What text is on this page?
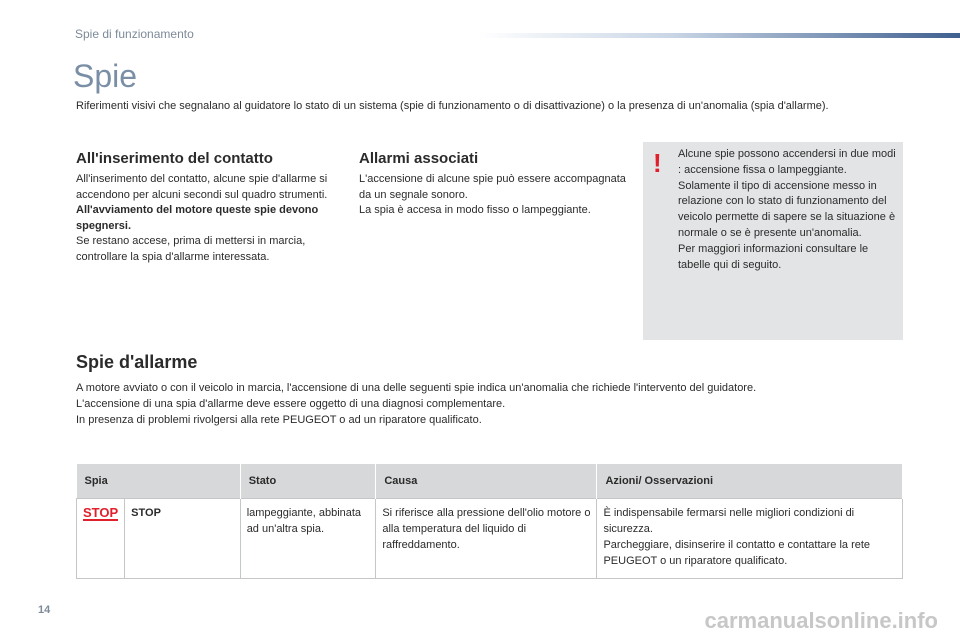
Spie di funzionamento
Spie

Riferimenti visivi che segnalano al guidatore lo stato di un sistema (spie di funzionamento o di disattivazione) o la presenza di un'anomalia (spia d'allarme).

All'inserimento del contatto
All'inserimento del contatto, alcune spie d'allarme si accendono per alcuni secondi sul quadro strumenti.
All'avviamento del motore queste spie devono spegnersi.
Se restano accese, prima di mettersi in marcia, controllare la spia d'allarme interessata.
Allarmi associati
L'accensione di alcune spie può essere accompagnata da un segnale sonoro.
La spia è accesa in modo fisso o lampeggiante.
! Alcune spie possono accendersi in due modi : accensione fissa o lampeggiante.
Solamente il tipo di accensione messo in relazione con lo stato di funzionamento del veicolo permette di sapere se la situazione è normale o se è presente un'anomalia.
Per maggiori informazioni consultare le tabelle qui di seguito.
Spie d'allarme
A motore avviato o con il veicolo in marcia, l'accensione di una delle seguenti spie indica un'anomalia che richiede l'intervento del guidatore.
L'accensione di una spia d'allarme deve essere oggetto di una diagnosi complementare.
In presenza di problemi rivolgersi alla rete PEUGEOT o ad un riparatore qualificato.
Spia		Stato	Causa	Azioni/ Osservazioni
STOP	STOP	lampeggiante, abbinata ad un'altra spia.	Si riferisce alla pressione dell'olio motore o alla temperatura del liquido di raffreddamento.	È indispensabile fermarsi nelle migliori condizioni di sicurezza.
Parcheggiare, disinserire il contatto e contattare la rete PEUGEOT o un riparatore qualificato.
14	carmanualsonline.info
